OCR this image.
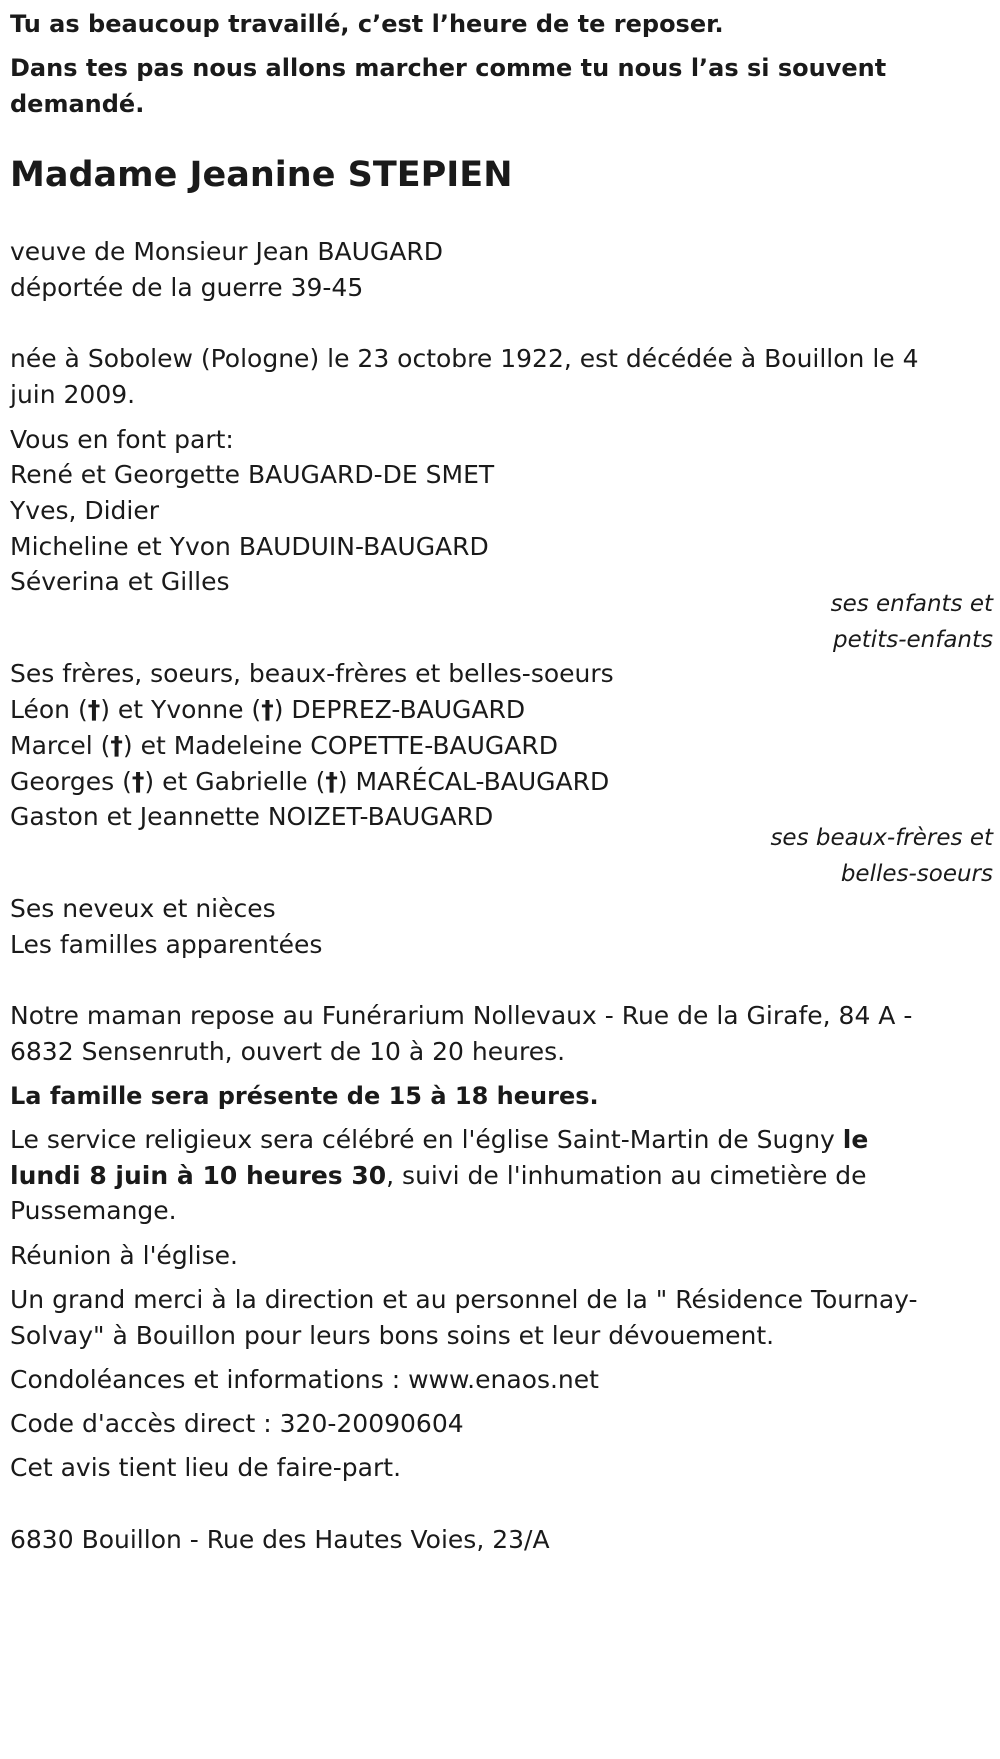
Tu as beaucoup travaillé, c’est l’heure de te reposer.

Dans tes pas nous allons marcher comme tu nous l’as si souvent

demandé.

Madame Jeanine STEPIEN

veuve de Monsieur Jean BAUGARD

déportée de la guerre 39-45

née à Sobolew (Pologne) le 23 octobre 1922, est décédée à Bouillon le 4

juin 2009.

Vous en font part:

René et Georgette BAUGARD-DE SMET

Yves, Didier

Micheline et Yvon BAUDUIN-BAUGARD

Séverina et Gilles

ses enfants et

petits-enfants

Ses frères, soeurs, beaux-frères et belles-soeurs

Léon (†) et Yvonne (†) DEPREZ-BAUGARD

Marcel (†) et Madeleine COPETTE-BAUGARD

Georges (†) et Gabrielle (†) MARÉCAL-BAUGARD

Gaston et Jeannette NOIZET-BAUGARD

ses beaux-frères et

belles-soeurs

Ses neveux et nièces

Les familles apparentées

Notre maman repose au Funérarium Nollevaux - Rue de la Girafe, 84 A -

6832 Sensenruth, ouvert de 10 à 20 heures.

La famille sera présente de 15 à 18 heures.

Le service religieux sera célébré en l'église Saint-Martin de Sugny le

lundi 8 juin à 10 heures 30, suivi de l'inhumation au cimetière de

Pussemange.

Réunion à l'église.

Un grand merci à la direction et au personnel de la " Résidence Tournay-

Solvay" à Bouillon pour leurs bons soins et leur dévouement.

Condoléances et informations : www.enaos.net

Code d'accès direct : 320-20090604

Cet avis tient lieu de faire-part.

6830 Bouillon - Rue des Hautes Voies, 23/A
